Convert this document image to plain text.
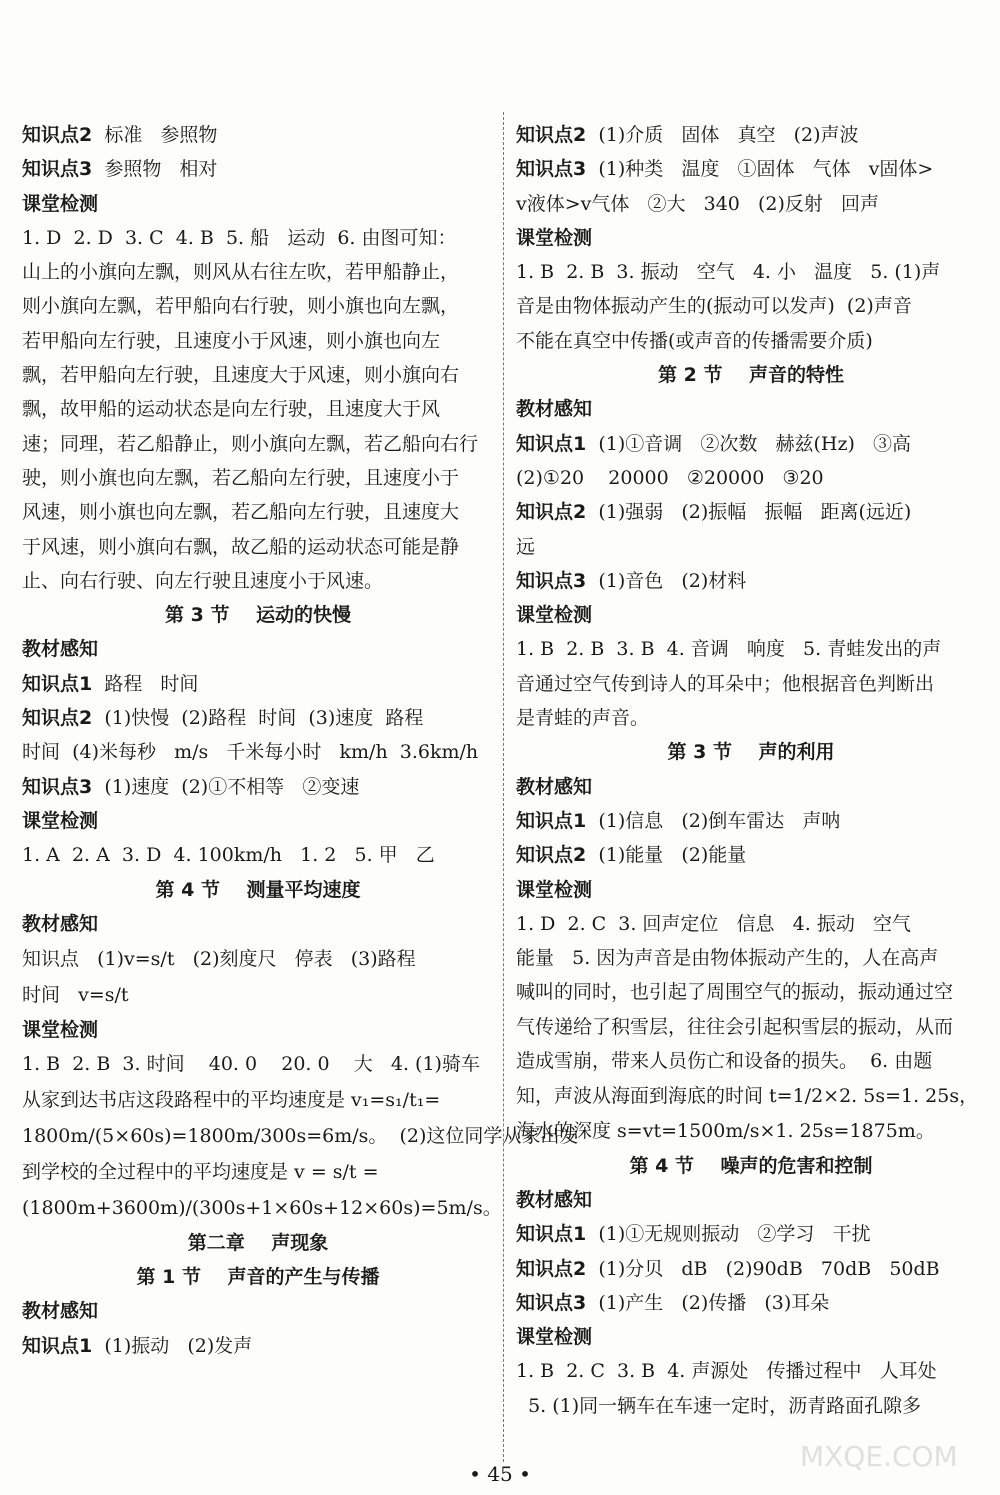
知识点2  标准   参照物
知识点3  参照物   相对
课堂检测
1. D  2. D  3. C  4. B  5. 船   运动  6. 由图可知：
山上的小旗向左飘，则风从右往左吹，若甲船静止，
则小旗向左飘，若甲船向右行驶，则小旗也向左飘，
若甲船向左行驶，且速度小于风速，则小旗也向左
飘，若甲船向左行驶，且速度大于风速，则小旗向右
飘，故甲船的运动状态是向左行驶，且速度大于风
速；同理，若乙船静止，则小旗向左飘，若乙船向右行
驶，则小旗也向左飘，若乙船向左行驶，且速度小于
风速，则小旗也向左飘，若乙船向左行驶，且速度大
于风速，则小旗向右飘，故乙船的运动状态可能是静
止、向右行驶、向左行驶且速度小于风速。
第 3 节    运动的快慢
教材感知
知识点1  路程   时间
知识点2  (1)快慢  (2)路程  时间  (3)速度  路程
时间  (4)米每秒   m/s   千米每小时   km/h  3.6km/h
知识点3  (1)速度  (2)①不相等   ②变速
课堂检测
1. A  2. A  3. D  4. 100km/h   1. 2   5. 甲   乙
第 4 节    测量平均速度
教材感知
知识点   (1)v=s/t   (2)刻度尺   停表   (3)路程
时间   v=s/t
课堂检测
1. B  2. B  3. 时间    40. 0    20. 0    大   4. (1)骑车
从家到达书店这段路程中的平均速度是 v₁=s₁/t₁=
1800m/(5×60s)=1800m/300s=6m/s。  (2)这位同学从家出发
到学校的全过程中的平均速度是 v = s/t =
(1800m+3600m)/(300s+1×60s+12×60s)=5m/s。
第二章    声现象
第 1 节    声音的产生与传播
教材感知
知识点1  (1)振动   (2)发声
知识点2  (1)介质   固体   真空   (2)声波
知识点3  (1)种类   温度   ①固体   气体   v固体>
v液体>v气体   ②大   340   (2)反射   回声
课堂检测
1. B  2. B  3. 振动   空气   4. 小   温度   5. (1)声
音是由物体振动产生的(振动可以发声)  (2)声音
不能在真空中传播(或声音的传播需要介质)
第 2 节    声音的特性
教材感知
知识点1  (1)①音调   ②次数   赫兹(Hz)   ③高
(2)①20    20000   ②20000   ③20
知识点2  (1)强弱   (2)振幅   振幅   距离(远近)
远
知识点3  (1)音色   (2)材料
课堂检测
1. B  2. B  3. B  4. 音调   响度   5. 青蛙发出的声
音通过空气传到诗人的耳朵中；他根据音色判断出
是青蛙的声音。
第 3 节    声的利用
教材感知
知识点1  (1)信息   (2)倒车雷达   声呐
知识点2  (1)能量   (2)能量
课堂检测
1. D  2. C  3. 回声定位   信息   4. 振动   空气
能量   5. 因为声音是由物体振动产生的，人在高声
喊叫的同时，也引起了周围空气的振动，振动通过空
气传递给了积雪层，往往会引起积雪层的振动，从而
造成雪崩，带来人员伤亡和设备的损失。  6. 由题
知，声波从海面到海底的时间 t=1/2×2. 5s=1. 25s，
海水的深度 s=vt=1500m/s×1. 25s=1875m。
第 4 节    噪声的危害和控制
教材感知
知识点1  (1)①无规则振动   ②学习   干扰
知识点2  (1)分贝   dB   (2)90dB   70dB   50dB
知识点3  (1)产生   (2)传播   (3)耳朵
课堂检测
1. B  2. C  3. B  4. 声源处   传播过程中   人耳处
5. (1)同一辆车在车速一定时，沥青路面孔隙多
• 45 •
MXQE.COM
